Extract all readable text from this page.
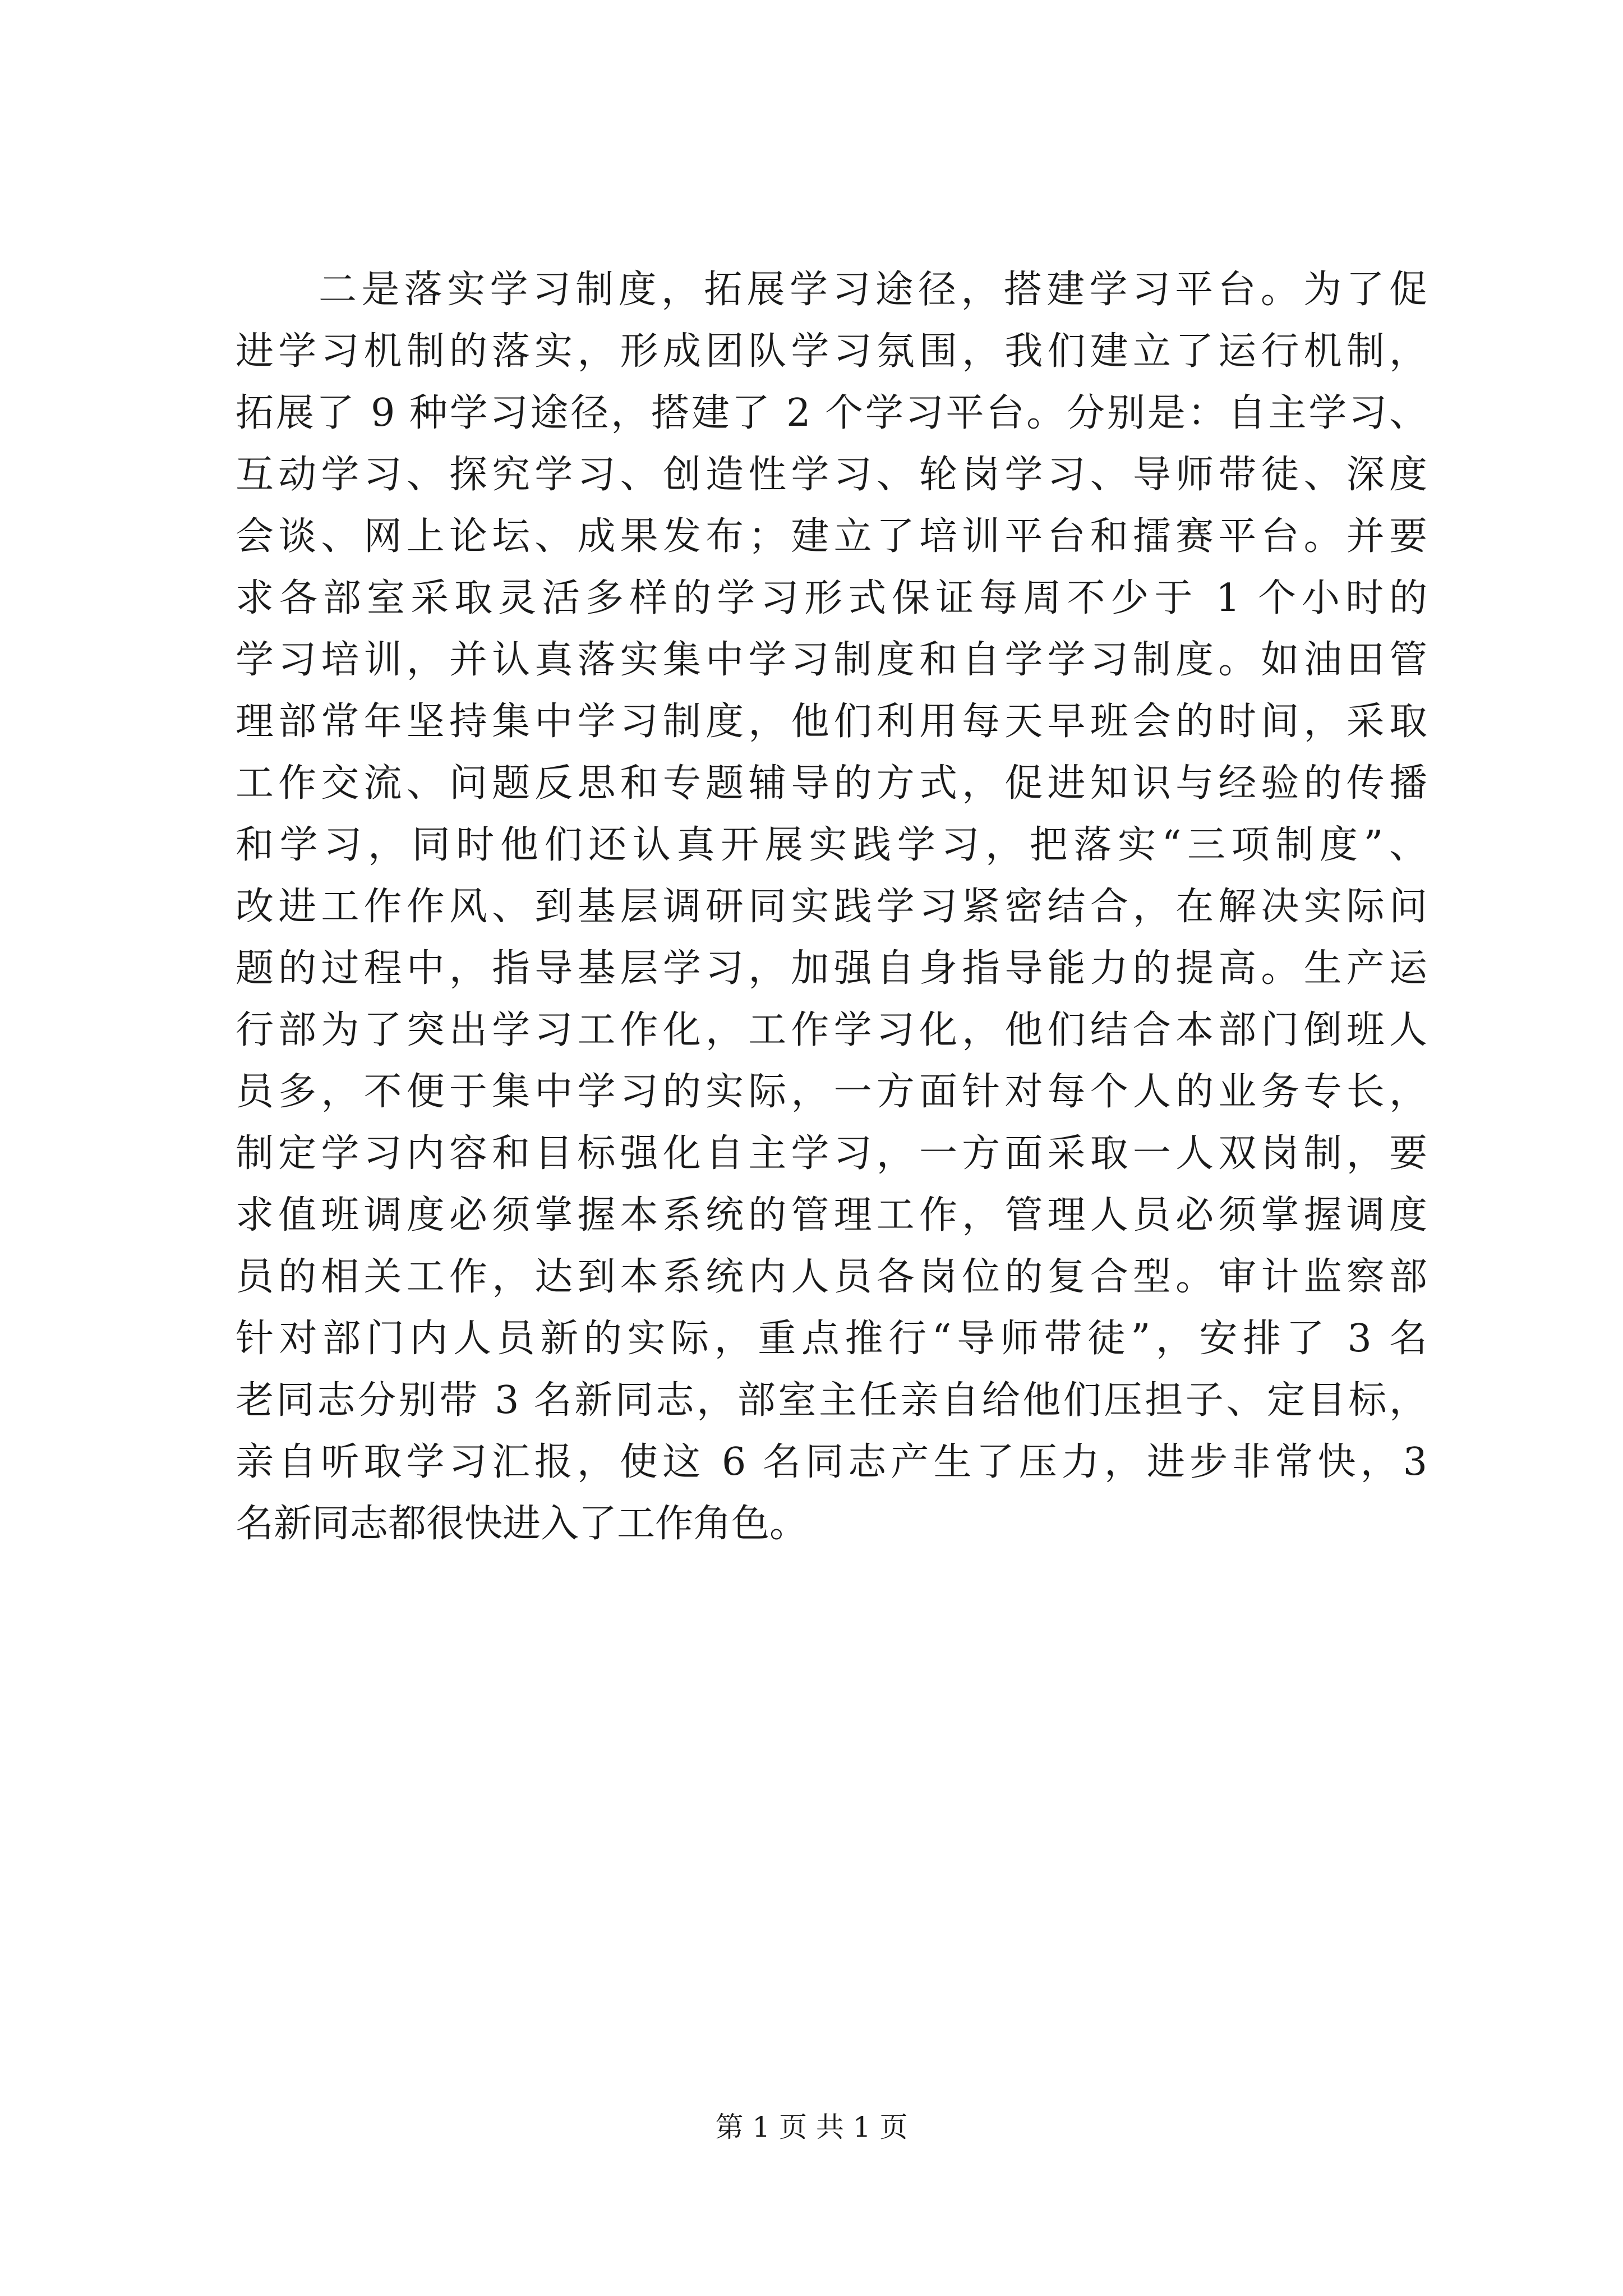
二是落实学习制度，拓展学习途径，搭建学习平台。为了促
进学习机制的落实，形成团队学习氛围，我们建立了运行机制，
拓展了 9 种学习途径，搭建了 2 个学习平台。分别是：自主学习、
互动学习、探究学习、创造性学习、轮岗学习、导师带徒、深度
会谈、网上论坛、成果发布；建立了培训平台和擂赛平台。并要
求各部室采取灵活多样的学习形式保证每周不少于 1 个小时的
学习培训，并认真落实集中学习制度和自学学习制度。如油田管
理部常年坚持集中学习制度，他们利用每天早班会的时间，采取
工作交流、问题反思和专题辅导的方式，促进知识与经验的传播
和学习，同时他们还认真开展实践学习，把落实“三项制度”、
改进工作作风、到基层调研同实践学习紧密结合，在解决实际问
题的过程中，指导基层学习，加强自身指导能力的提高。生产运
行部为了突出学习工作化，工作学习化，他们结合本部门倒班人
员多，不便于集中学习的实际，一方面针对每个人的业务专长，
制定学习内容和目标强化自主学习，一方面采取一人双岗制，要
求值班调度必须掌握本系统的管理工作，管理人员必须掌握调度
员的相关工作，达到本系统内人员各岗位的复合型。审计监察部
针对部门内人员新的实际，重点推行“导师带徒”，安排了 3 名
老同志分别带 3 名新同志，部室主任亲自给他们压担子、定目标，
亲自听取学习汇报，使这 6 名同志产生了压力，进步非常快，3
名新同志都很快进入了工作角色。
第 1 页 共 1 页
